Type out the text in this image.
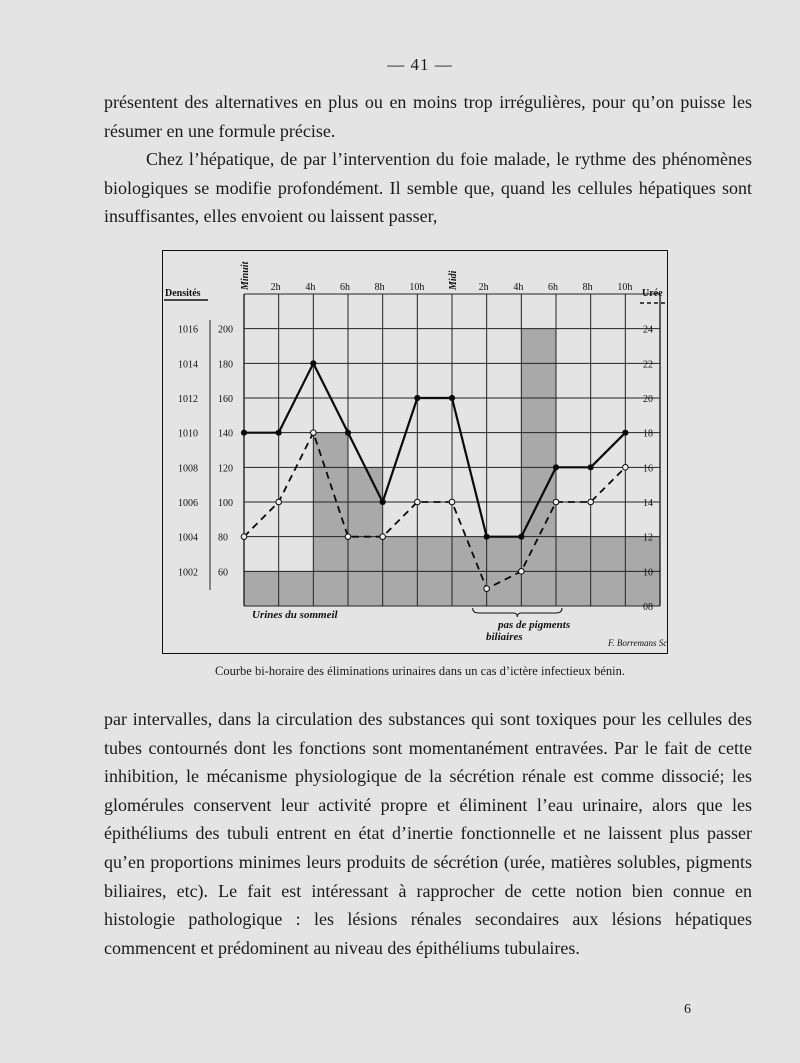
— 41 —
présentent des alternatives en plus ou en moins trop irrégulières, pour qu’on puisse les résumer en une formule précise.
Chez l’hépatique, de par l’intervention du foie malade, le rythme des phénomènes biologiques se modifie profondément. Il semble que, quand les cellules hépatiques sont insuffisantes, elles envoient ou laissent passer,
Densités	Urée
1016 200
1014 180
1012 160
1010 140
1008 120
1006 100
1004 80
1002 60
24
22
20
18
16
14
12
10
08
2h 4h 6h 8h 10h	2h 4h 6h 8h 10h
Minuit	Midi
Urines du sommeil
pas de pigments
biliaires	F. Borremans Sc.
Courbe bi-horaire des éliminations urinaires dans un cas d’ictère infectieux bénin.
par intervalles, dans la circulation des substances qui sont toxiques pour les cellules des tubes contournés dont les fonctions sont momentanément entravées. Par le fait de cette inhibition, le mécanisme physiologique de la sécrétion rénale est comme dissocié; les glomérules conservent leur activité propre et éliminent l’eau urinaire, alors que les épithéliums des tubuli entrent en état d’inertie fonctionnelle et ne laissent plus passer qu’en proportions minimes leurs produits de sécrétion (urée, matières solubles, pigments biliaires, etc). Le fait est intéressant à rapprocher de cette notion bien connue en histologie pathologique : les lésions rénales secondaires aux lésions hépatiques commencent et prédominent au niveau des épithéliums tubulaires.
6
